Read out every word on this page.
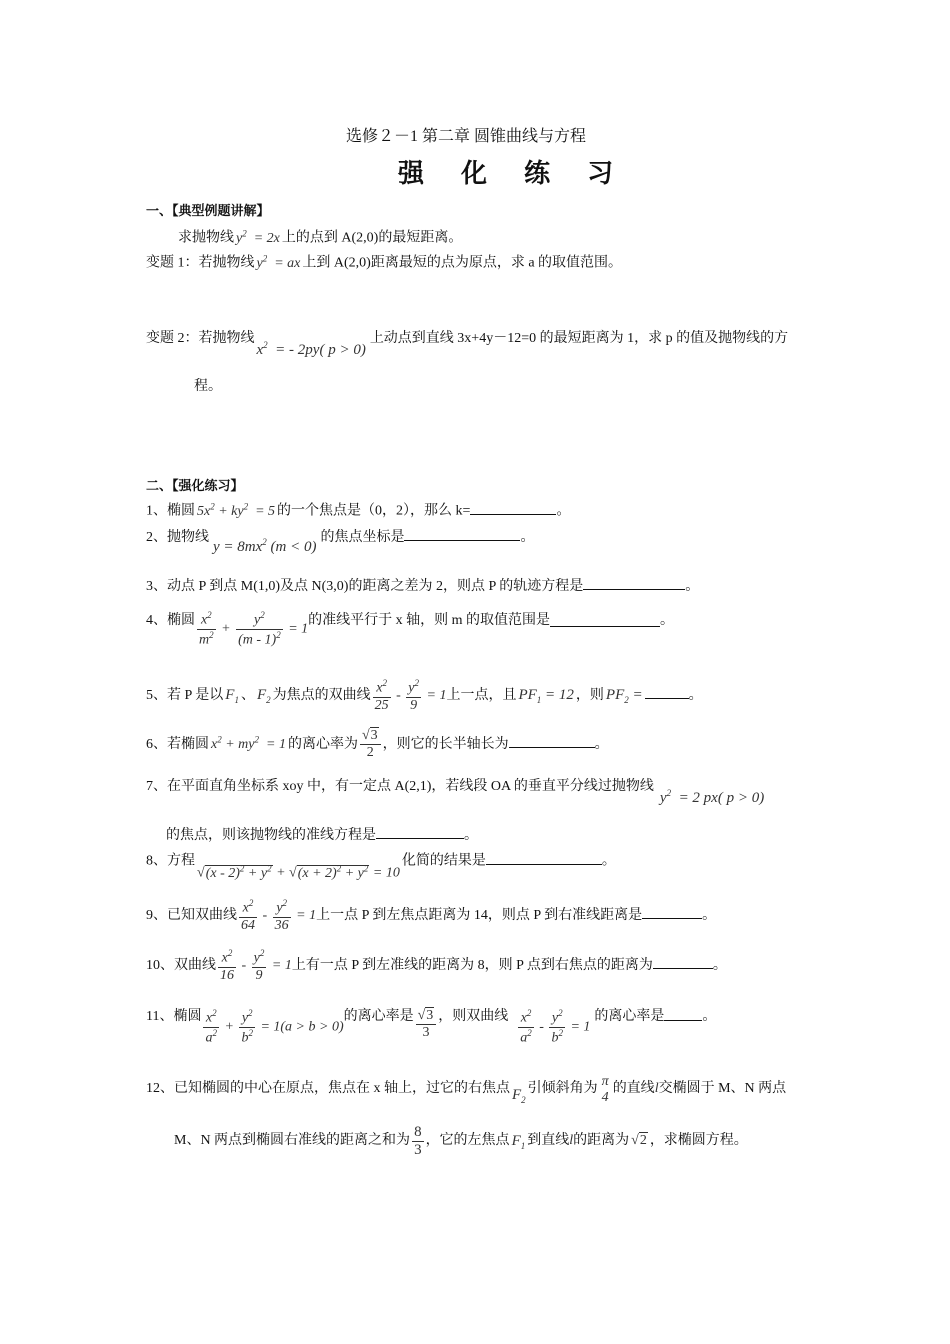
选修２－1 第二章 圆锥曲线与方程
强 化 练 习
一、【典型例题讲解】
求抛物线 $y^2 = 2x$ 上的点到 A(2,0)的最短距离。
变题 1：若抛物线 $y^2$  = ax 上到 A(2,0)距离最短的点为原点，求 a 的取值范围。
变题 2：若抛物线$x^2$  = - 2py( p > 0)上动点到直线 3x+4y－12=0 的最短距离为 1，求 p 的值及抛物线的方
程。
二、【强化练习】
1、椭圆 $5x^2 + ky^2 = 5$ 的一个焦点是（0，2），那么 k=	。
2、抛物线$y = 8mx^2$ (m < 0)的焦点坐标是	。
3、动点 P 到点 M(1,0)及点 N(3,0)的距离之差为 2，则点 P 的轨迹方程是	。
4、椭圆 $\frac{x^2}{m^2} + \frac{y^2}{(m - 1)^2} = 1$的准线平行于 x 轴，则 m 的取值范围是	。
5、若 P 是以 $F_1$ 、 $F_2$ 为焦点的双曲线 $\frac{x^2}{25} - \frac{y^2}{9} = 1$上一点，且 $PF_1 = 12$ ，则 $PF_2$ =	。
6、若椭圆 $x^2 + my^2 = 1$ 的离心率为 $\frac{√3}{2}$ ，则它的长半轴长为	。
7、在平面直角坐标系 xoy 中，有一定点 A(2,1)，若线段 OA 的垂直平分线过抛物线$y^2 = 2$ px( p > 0)
的焦点，则该抛物线的准线方程是	。
8、方程$√(x - 2)^2 + y^2 + √(x + 2)^2 + y^2 = 10$化简的结果是	。
9、已知双曲线 $\frac{x^2}{64} - \frac{y^2}{36} = 1$上一点 P 到左焦点距离为 14，则点 P 到右准线距离是	。
10、双曲线 $\frac{x^2}{16} - \frac{y^2}{9} = 1$上有一点 P 到左准线的距离为 8，则 P 点到右焦点的距离为	。
11、椭圆 $\frac{x^2}{a^2} + \frac{y^2}{b^2} = 1(a > b > 0)$的离心率是 $\frac{√3}{3}$ ，则双曲线 $\frac{x^2}{a^2} - \frac{y^2}{b^2} = 1$的离心率是	。
12、已知椭圆的中心在原点，焦点在 x 轴上，过它的右焦点 $F_2$引倾斜角为 π
4
的直线l交椭圆于 M、N 两点
M、N 两点到椭圆右准线的距离之和为 $\frac{8}{3}$ ，它的左焦点 $F_1$ 到直线l的距离为 √2 ，求椭圆方程。
